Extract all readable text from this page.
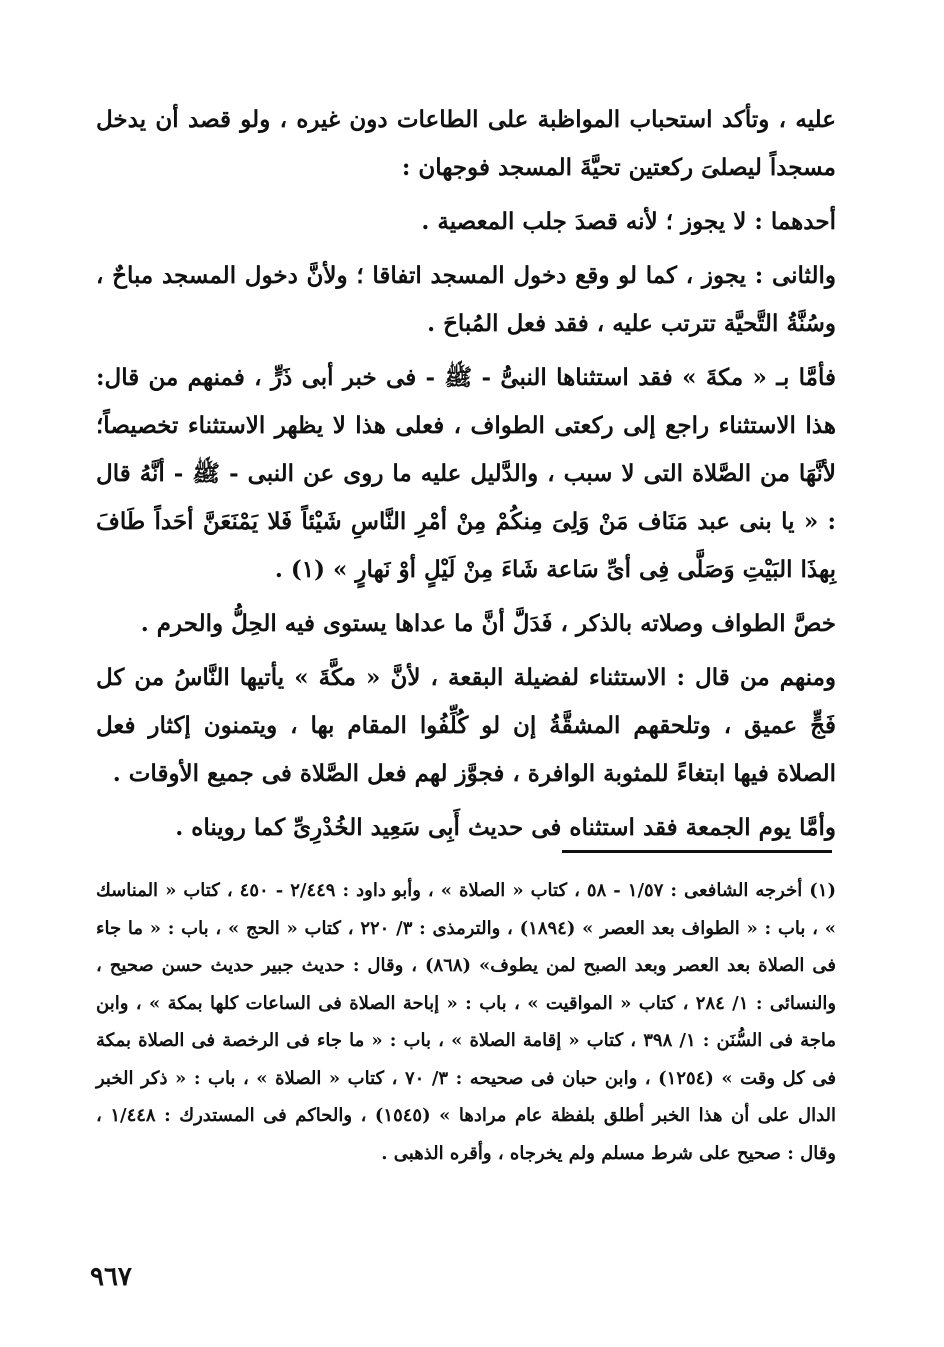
عليه ، وتأكد استحباب المواظبة على الطاعات دون غيره ، ولو قصد أن يدخل مسجداً ليصلىَ ركعتين تحيَّةَ المسجد فوجهان :

أحدهما : لا يجوز ؛ لأنه قصدَ جلب المعصية .

والثانى : يجوز ، كما لو وقع دخول المسجد اتفاقا ؛ ولأنَّ دخول المسجد مباحٌ ، وسُنَّةُ التَّحيَّة تترتب عليه ، فقد فعل المُباحَ .

فأمَّا بـ « مكةَ » فقد استثناها النبىُّ - ﷺ - فى خبر أبى ذَرٍّ ، فمنهم من قال: هذا الاستثناء راجع إلى ركعتى الطواف ، فعلى هذا لا يظهر الاستثناء تخصيصاً؛ لأنَّهَا من الصَّلاة التى لا سبب ، والدَّليل عليه ما روى عن النبى - ﷺ - أنَّهُ قال : « يا بنى عبد مَنَاف مَنْ وَلِىَ مِنكُمْ مِنْ أمْرِ النَّاسِ شَيْئاً فَلا يَمْنَعَنَّ أحَداً طَافَ بِهذَا البَيْتِ وَصَلَّى فِى أىِّ سَاعة شَاءَ مِنْ لَيْلٍ أوْ نَهارٍ » (١) .

خصَّ الطواف وصلاته بالذكر ، فَدَلَّ أنَّ ما عداها يستوى فيه الحِلُّ والحرم .

ومنهم من قال : الاستثناء لفضيلة البقعة ، لأنَّ « مكَّةَ » يأتيها النَّاسُ من كل فَجٍّ عميق ، وتلحقهم المشقَّةُ إن لو كُلِّفُوا المقام بها ، ويتمنون إكثار فعل الصلاة فيها ابتغاءً للمثوبة الوافرة ، فجوَّز لهم فعل الصَّلاة فى جميع الأوقات .

وأمَّا يوم الجمعة فقد استثناه فى حديث أَبِى سَعِيد الخُدْرِىِّ كما رويناه .

(١) أخرجه الشافعى : ١/٥٧ - ٥٨ ، كتاب « الصلاة » ، وأبو داود : ٢/٤٤٩ - ٤٥٠ ، كتاب « المناسك » ، باب : « الطواف بعد العصر » (١٨٩٤) ، والترمذى : ٣/ ٢٢٠ ، كتاب « الحج » ، باب : « ما جاء فى الصلاة بعد العصر وبعد الصبح لمن يطوف» (٨٦٨) ، وقال : حديث جبير حديث حسن صحيح ، والنسائى : ١/ ٢٨٤ ، كتاب « المواقيت » ، باب : « إباحة الصلاة فى الساعات كلها بمكة » ، وابن ماجة فى السُّنَن : ١/ ٣٩٨ ، كتاب « إقامة الصلاة » ، باب : « ما جاء فى الرخصة فى الصلاة بمكة فى كل وقت » (١٢٥٤) ، وابن حبان فى صحيحه : ٣/ ٧٠ ، كتاب « الصلاة » ، باب : « ذكر الخبر الدال على أن هذا الخبر أطلق بلفظة عام مرادها » (١٥٤٥) ، والحاكم فى المستدرك : ١/٤٤٨ ، وقال : صحيح على شرط مسلم ولم يخرجاه ، وأقره الذهبى .

٩٦٧
